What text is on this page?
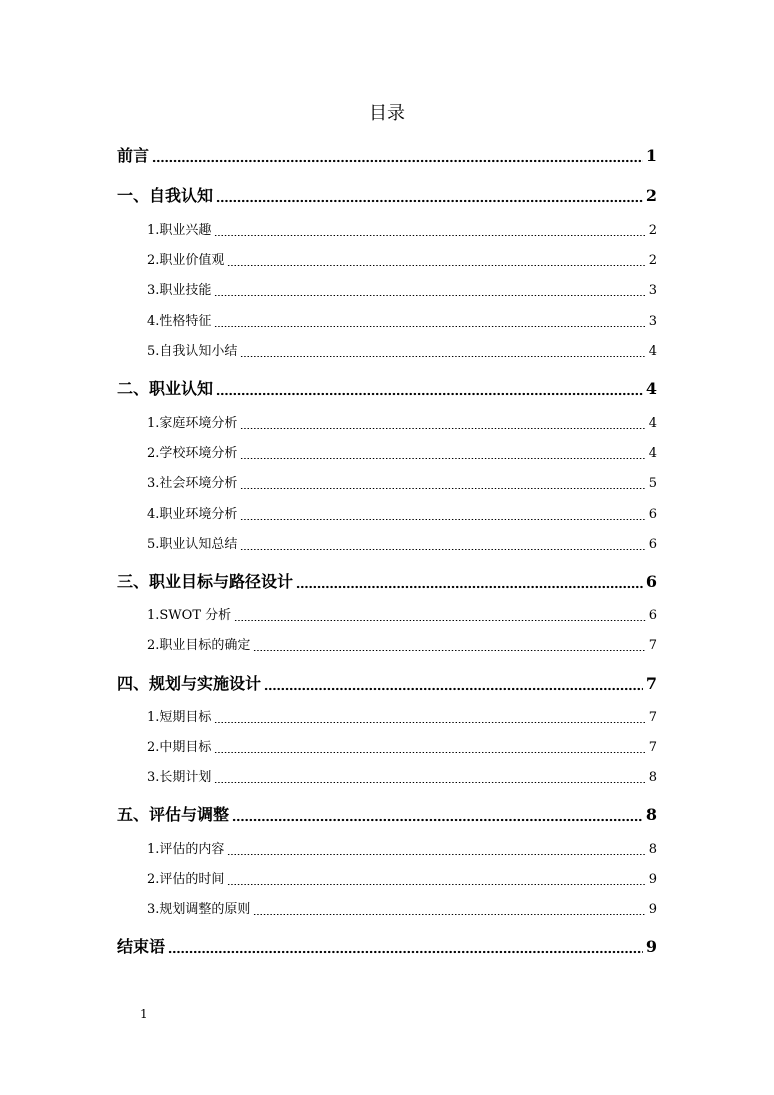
目录
前言	1
一、自我认知	2
1.职业兴趣	2
2.职业价值观	2
3.职业技能	3
4.性格特征	3
5.自我认知小结	4
二、职业认知	4
1.家庭环境分析	4
2.学校环境分析	4
3.社会环境分析	5
4.职业环境分析	6
5.职业认知总结	6
三、职业目标与路径设计	6
1.SWOT 分析	6
2.职业目标的确定	7
四、规划与实施设计	7
1.短期目标	7
2.中期目标	7
3.长期计划	8
五、评估与调整	8
1.评估的内容	8
2.评估的时间	9
3.规划调整的原则	9
结束语	9
1
